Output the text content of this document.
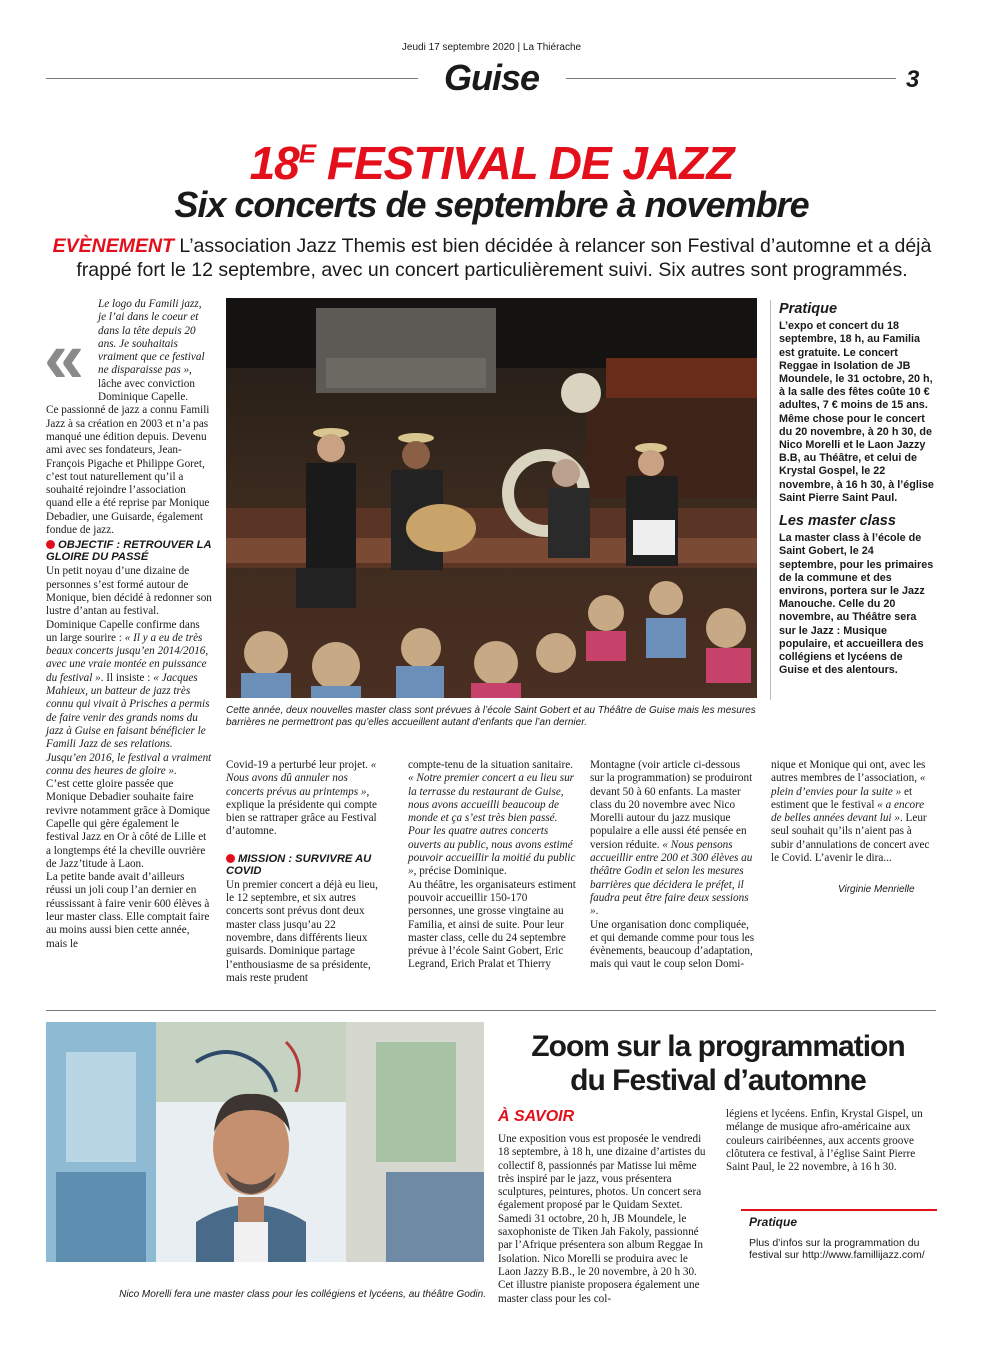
Jeudi 17 septembre 2020 | La Thiérache
Guise	3
$18^E$ FESTIVAL DE JAZZ
Six concerts de septembre à novembre
EVÈNEMENT L’association Jazz Themis est bien décidée à relancer son Festival d’automne et a déjà frappé fort le 12 septembre, avec un concert particulièrement suivi. Six autres sont programmés.
«

Le logo du Famili jazz, je l’ai dans le coeur et dans la tête depuis 20 ans. Je souhaitais vraiment que ce festival ne disparaisse pas », lâche avec conviction Dominique Capelle.

Ce passionné de jazz a connu Famili Jazz à sa création en 2003 et n’a pas manqué une édition depuis. Devenu ami avec ses fondateurs, Jean-François Pigache et Philippe Goret, c’est tout naturellement qu’il a souhaité rejoindre l’association quand elle a été reprise par Monique Debadier, une Guisarde, également fondue de jazz.

OBJECTIF : RETROUVER LA GLOIRE DU PASSÉ

Un petit noyau d’une dizaine de personnes s’est formé autour de Monique, bien décidé à redonner son lustre d’antan au festival. Dominique Capelle confirme dans un large sourire : « Il y a eu de très beaux concerts jusqu’en 2014/2016, avec une vraie montée en puissance du festival ». Il insiste : « Jacques Mahieux, un batteur de jazz très connu qui vivait à Prisches a permis de faire venir des grands noms du jazz à Guise en faisant bénéficier le Famili Jazz de ses relations. Jusqu’en 2016, le festival a vraiment connu des heures de gloire ».

C’est cette gloire passée que Monique Debadier souhaite faire revivre notamment grâce à Domique Capelle qui gère également le festival Jazz en Or à côté de Lille et a longtemps été la cheville ouvrière de Jazz’titude à Laon.

La petite bande avait d’ailleurs réussi un joli coup l’an dernier en réussissant à faire venir 600 élèves à leur master class. Elle comptait faire au moins aussi bien cette année, mais le

Cette année, deux nouvelles master class sont prévues à l’école Saint Gobert et au Théâtre de Guise mais les mesures barrières ne permettront pas qu’elles accueillent autant d’enfants que l’an dernier.
Pratique
L’expo et concert du 18 septembre, 18 h, au Familia est gratuite. Le concert Reggae in Isolation de JB Moundele, le 31 octobre, 20 h, à la salle des fêtes coûte 10 € adultes, 7 € moins de 15 ans. Même chose pour le concert du 20 novembre, à 20 h 30, de Nico Morelli et le Laon Jazzy B.B, au Théâtre, et celui de Krystal Gospel, le 22 novembre, à 16 h 30, à l’église Saint Pierre Saint Paul.
Les master class
La master class à l’école de Saint Gobert, le 24 septembre, pour les primaires de la commune et des environs, portera sur le Jazz Manouche. Celle du 20 novembre, au Théâtre sera sur le Jazz : Musique populaire, et accueillera des collégiens et lycéens de Guise et des alentours.

Covid-19 a perturbé leur projet. « Nous avons dû annuler nos concerts prévus au printemps », explique la présidente qui compte bien se rattraper grâce au Festival d’automne.

MISSION : SURVIVRE AU COVID

Un premier concert a déjà eu lieu, le 12 septembre, et six autres concerts sont prévus dont deux master class jusqu’au 22 novembre, dans différents lieux guisards. Dominique partage l’enthousiasme de sa présidente, mais reste prudent

compte-tenu de la situation sanitaire. « Notre premier concert a eu lieu sur la terrasse du restaurant de Guise, nous avons accueilli beaucoup de monde et ça s’est très bien passé. Pour les quatre autres concerts ouverts au public, nous avons estimé pouvoir accueillir la moitié du public », précise Dominique.

Au théâtre, les organisateurs estiment pouvoir accueillir 150-170 personnes, une grosse vingtaine au Familia, et ainsi de suite. Pour leur master class, celle du 24 septembre prévue à l’école Saint Gobert, Eric Legrand, Erich Pralat et Thierry

Montagne (voir article ci-dessous sur la programmation) se produiront devant 50 à 60 enfants. La master class du 20 novembre avec Nico Morelli autour du jazz musique populaire a elle aussi été pensée en version réduite. « Nous pensons accueillir entre 200 et 300 élèves au théâtre Godin et selon les mesures barrières que décidera le préfet, il faudra peut être faire deux sessions ».

Une organisation donc compliquée, et qui demande comme pour tous les évènements, beaucoup d’adaptation, mais qui vaut le coup selon Domi-

nique et Monique qui ont, avec les autres membres de l’association, « plein d’envies pour la suite » et estiment que le festival « a encore de belles années devant lui ». Leur seul souhait qu’ils n’aient pas à subir d’annulations de concert avec le Covid. L’avenir le dira...

Virginie Menrielle
Nico Morelli fera une master class pour les collégiens et lycéens, au théâtre Godin.
Zoom sur la programmation
du Festival d’automne
À SAVOIR
Une exposition vous est proposée le vendredi 18 septembre, à 18 h, une dizaine d’artistes du collectif 8, passionnés par Matisse lui même très inspiré par le jazz, vous présentera sculptures, peintures, photos. Un concert sera également proposé par le Quidam Sextet. Samedi 31 octobre, 20 h, JB Moundele, le saxophoniste de Tiken Jah Fakoly, passionné par l’Afrique présentera son album Reggae In Isolation. Nico Morelli se produira avec le Laon Jazzy B.B., le 20 novembre, à 20 h 30. Cet illustre pianiste proposera également une master class pour les col-
légiens et lycéens. Enfin, Krystal Gispel, un mélange de musique afro-américaine aux couleurs cairibéennes, aux accents groove clôtutera ce festival, à l’église Saint Pierre Saint Paul, le 22 novembre, à 16 h 30.
Pratique
Plus d’infos sur la programmation du festival sur http://www.famillijazz.com/
